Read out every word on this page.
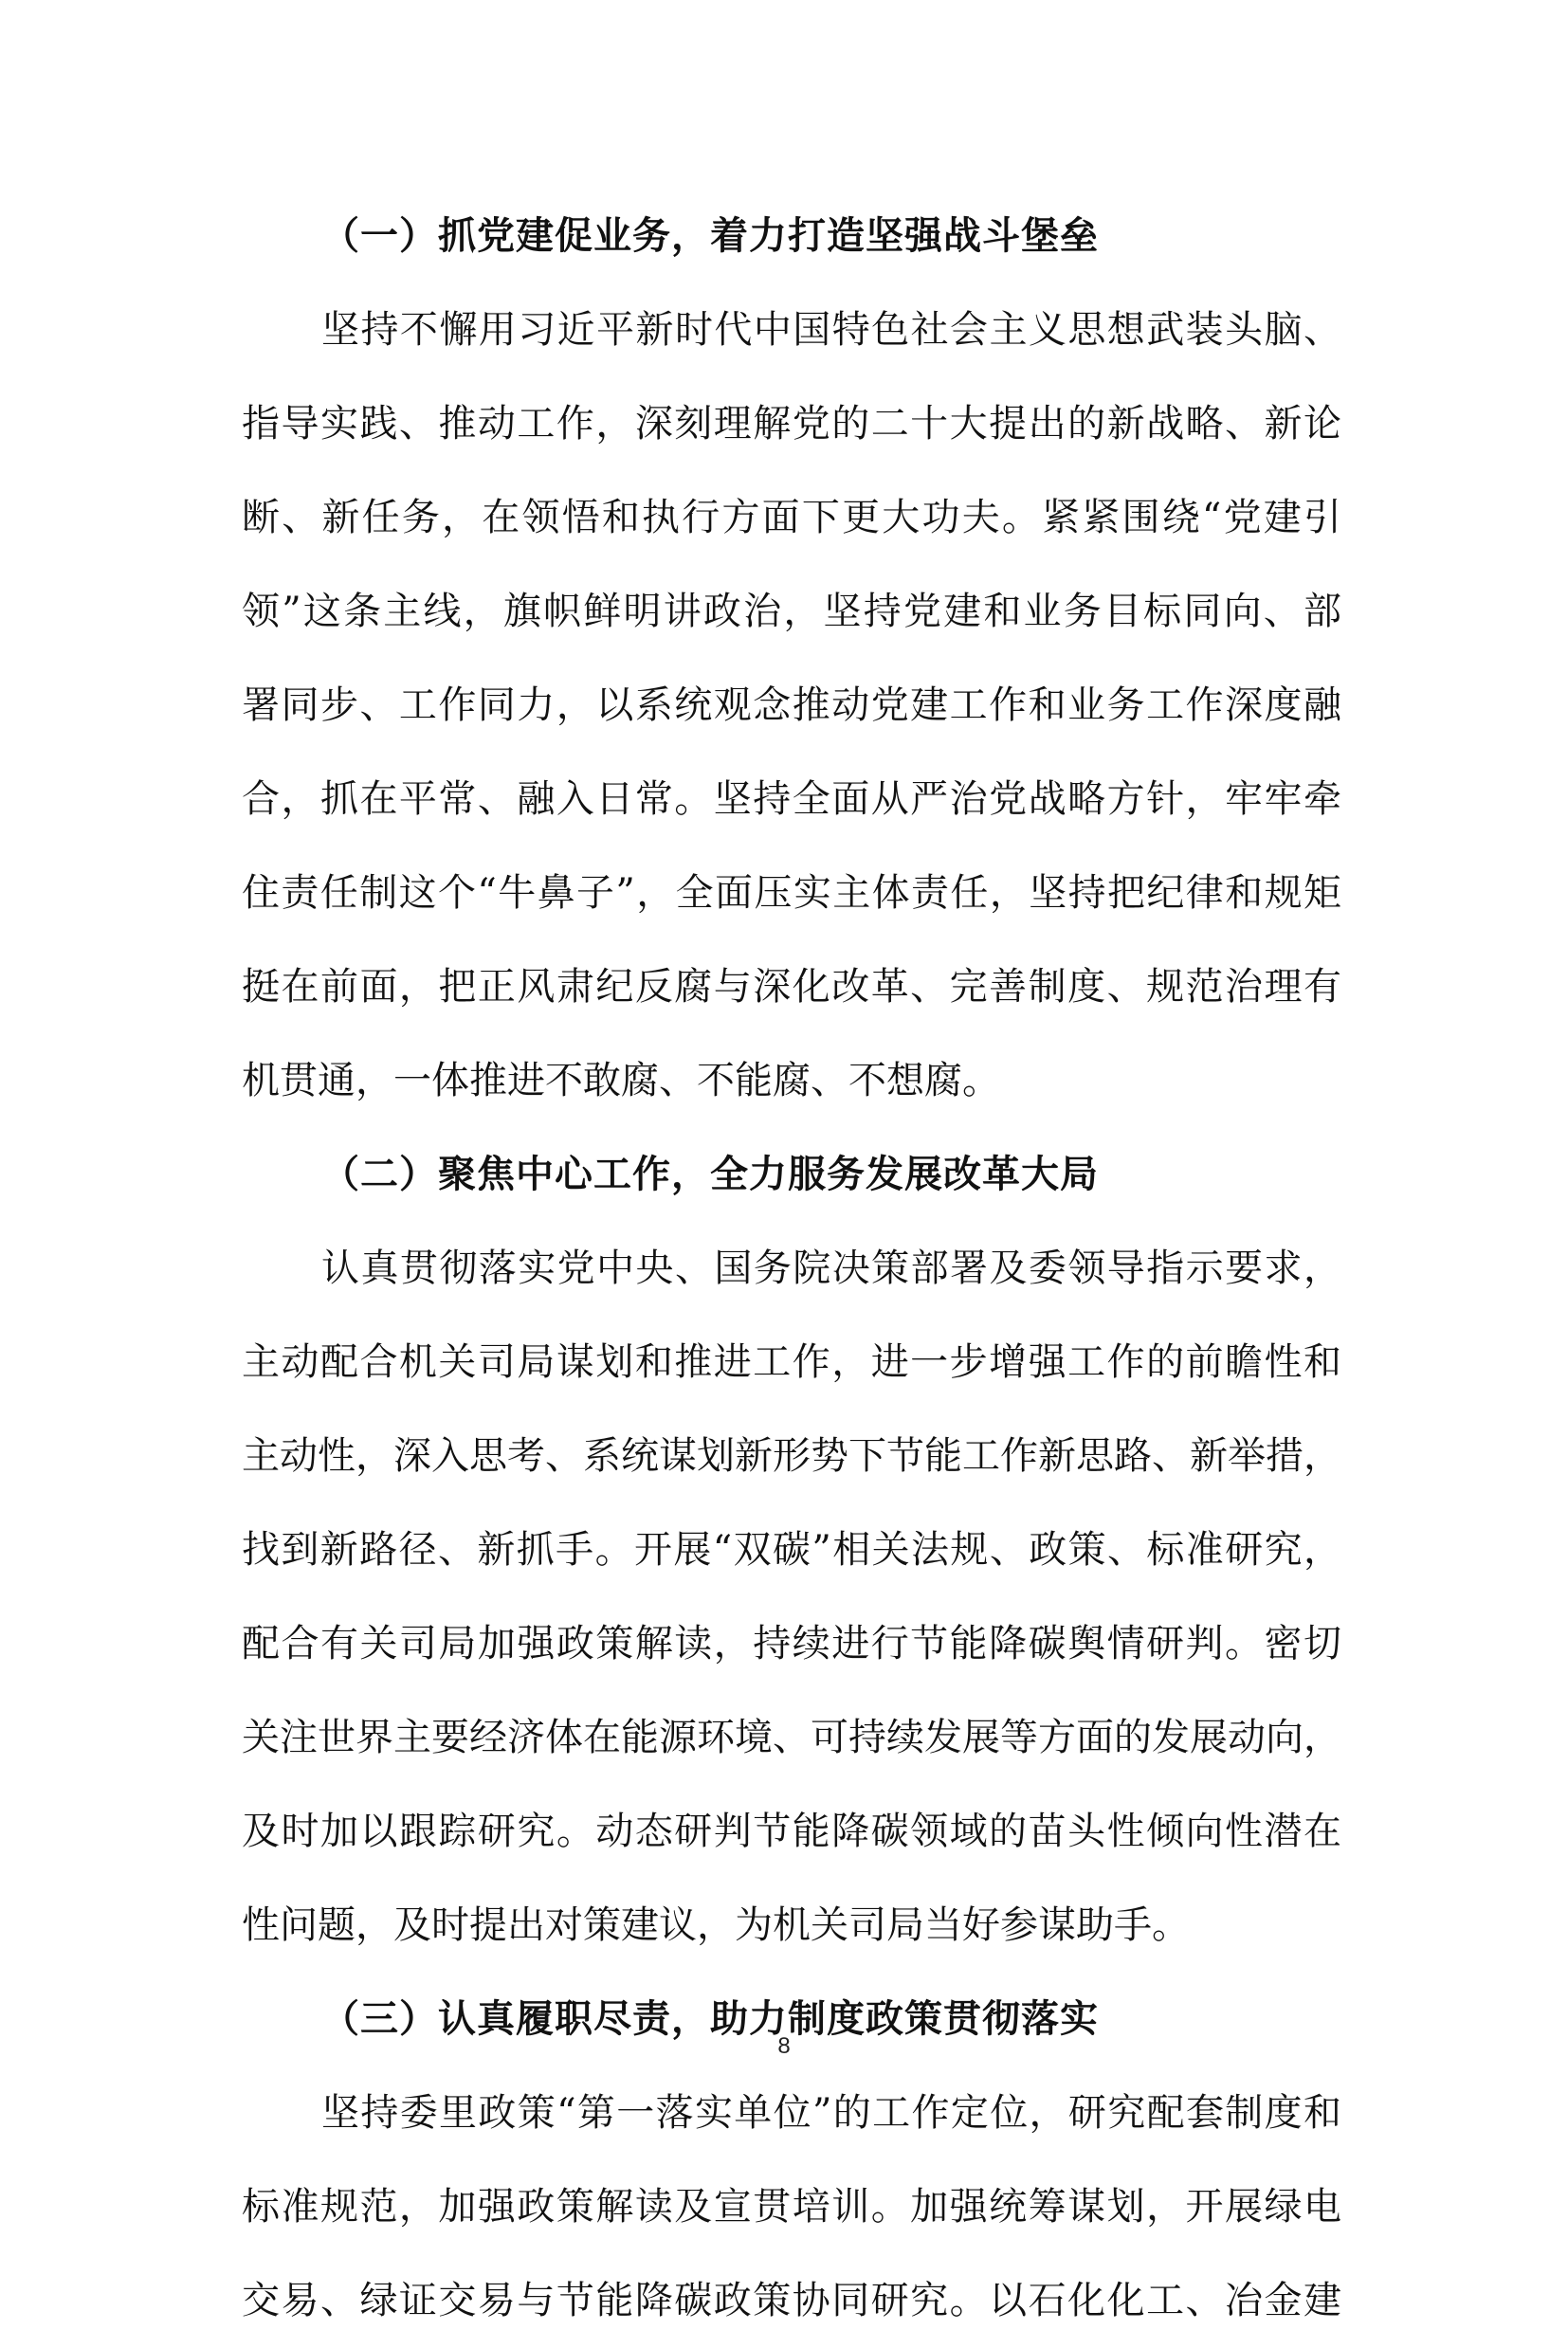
（一）抓党建促业务，着力打造坚强战斗堡垒
坚持不懈用习近平新时代中国特色社会主义思想武装头脑、
指导实践、推动工作，深刻理解党的二十大提出的新战略、新论
断、新任务，在领悟和执行方面下更大功夫。紧紧围绕“党建引
领”这条主线，旗帜鲜明讲政治，坚持党建和业务目标同向、部
署同步、工作同力，以系统观念推动党建工作和业务工作深度融
合，抓在平常、融入日常。坚持全面从严治党战略方针，牢牢牵
住责任制这个“牛鼻子”，全面压实主体责任，坚持把纪律和规矩
挺在前面，把正风肃纪反腐与深化改革、完善制度、规范治理有
机贯通，一体推进不敢腐、不能腐、不想腐。
（二）聚焦中心工作，全力服务发展改革大局
认真贯彻落实党中央、国务院决策部署及委领导指示要求，
主动配合机关司局谋划和推进工作，进一步增强工作的前瞻性和
主动性，深入思考、系统谋划新形势下节能工作新思路、新举措，
找到新路径、新抓手。开展“双碳”相关法规、政策、标准研究，
配合有关司局加强政策解读，持续进行节能降碳舆情研判。密切
关注世界主要经济体在能源环境、可持续发展等方面的发展动向，
及时加以跟踪研究。动态研判节能降碳领域的苗头性倾向性潜在
性问题，及时提出对策建议，为机关司局当好参谋助手。
（三）认真履职尽责，助力制度政策贯彻落实
坚持委里政策“第一落实单位”的工作定位，研究配套制度和
标准规范，加强政策解读及宣贯培训。加强统筹谋划，开展绿电
交易、绿证交易与节能降碳政策协同研究。以石化化工、冶金建
8
